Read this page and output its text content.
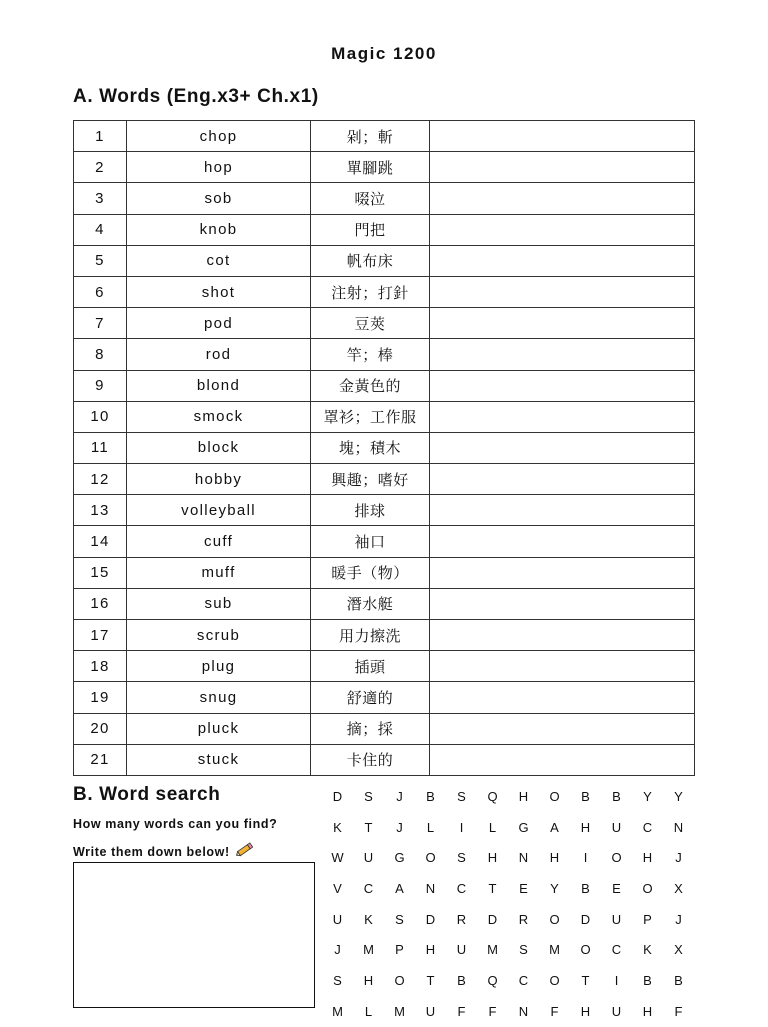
Magic 1200
A. Words (Eng.x3+ Ch.x1)
1	chop	剁；斬	
2	hop	單腳跳	
3	sob	啜泣	
4	knob	門把	
5	cot	帆布床	
6	shot	注射；打針	
7	pod	豆莢	
8	rod	竿；棒	
9	blond	金黃色的	
10	smock	罩衫；工作服	
11	block	塊；積木	
12	hobby	興趣；嗜好	
13	volleyball	排球	
14	cuff	袖口	
15	muff	暖手（物）	
16	sub	潛水艇	
17	scrub	用力擦洗	
18	plug	插頭	
19	snug	舒適的	
20	pluck	摘；採	
21	stuck	卡住的	
B. Word search
How many words can you find?
Write them down below!
D	S	J	B	S	Q	H	O	B	B	Y	Y
K	T	J	L	I	L	G	A	H	U	C	N
W	U	G	O	S	H	N	H	I	O	H	J
V	C	A	N	C	T	E	Y	B	E	O	X
U	K	S	D	R	D	R	O	D	U	P	J
J	M	P	H	U	M	S	M	O	C	K	X
S	H	O	T	B	Q	C	O	T	I	B	B
M	L	M	U	F	F	N	F	H	U	H	F
